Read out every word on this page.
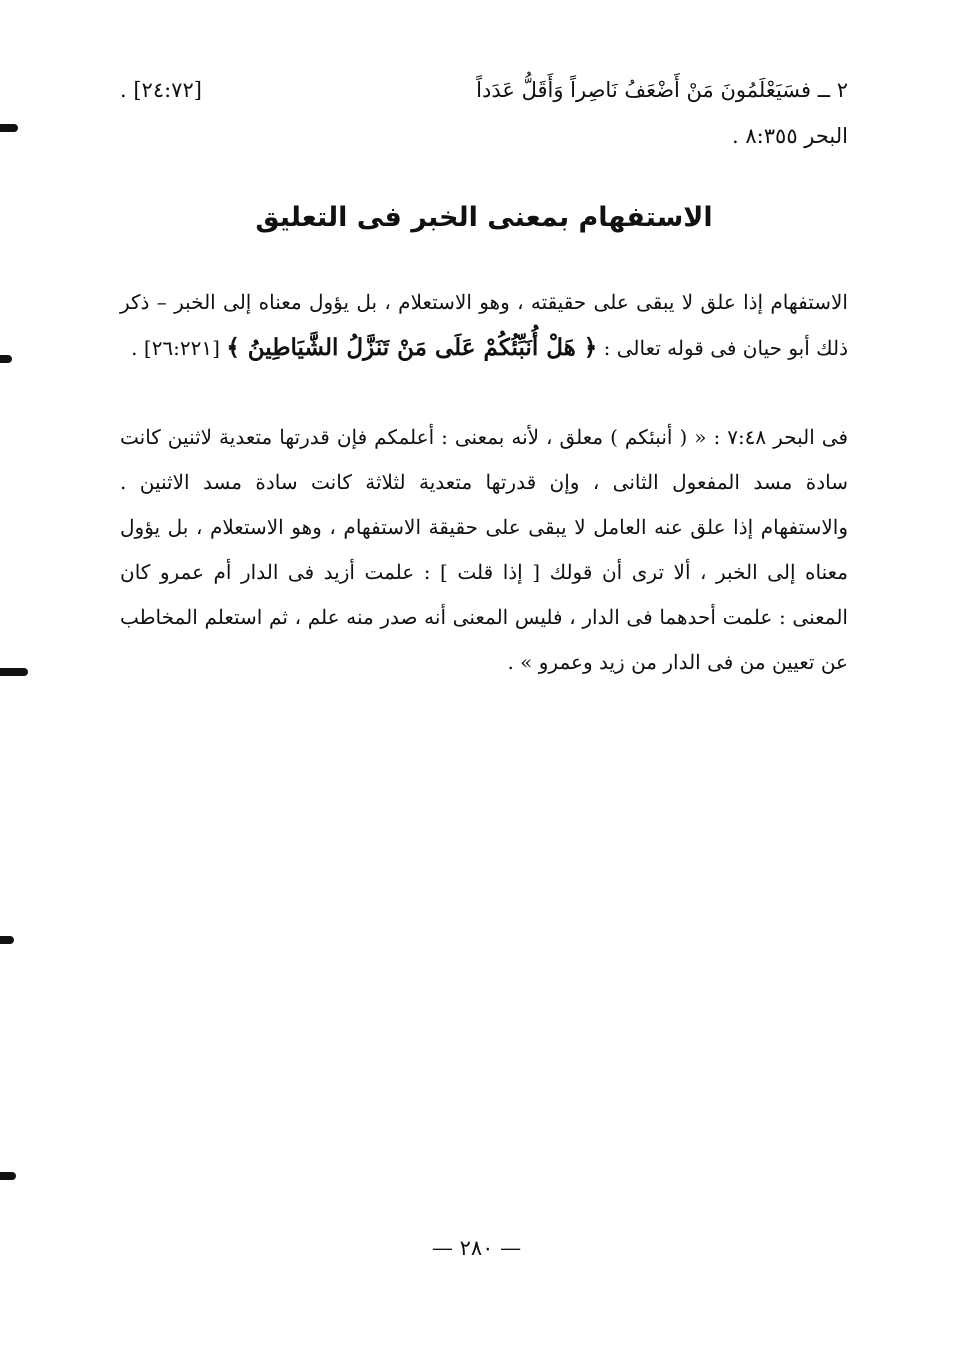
٢ ــ فسَيَعْلَمُونَ مَنْ أَضْعَفُ نَاصِراً وَأَقَلُّ عَدَداً
[٢٤:٧٢] .
البحر ٨:٣٥٥ .
الاستفهام بمعنى الخبر فى التعليق
الاستفهام إذا علق لا يبقى على حقيقته ، وهو الاستعلام ، بل يؤول معناه إلى الخبر – ذكر ذلك أبو حيان فى قوله تعالى : ﴿ هَلْ أُنَبِّئُكُمْ عَلَى مَنْ تَنَزَّلُ الشَّيَاطِينُ ﴾ [٢٦:٢٢١] .
فى البحر ٧:٤٨ : « ( أنبئكم ) معلق ، لأنه بمعنى : أعلمكم فإن قدرتها متعدية لاثنين كانت سادة مسد المفعول الثانى ، وإن قدرتها متعدية لثلاثة كانت سادة مسد الاثنين . والاستفهام إذا علق عنه العامل لا يبقى على حقيقة الاستفهام ، وهو الاستعلام ، بل يؤول معناه إلى الخبر ، ألا ترى أن قولك [ إذا قلت ] : علمت أزيد فى الدار أم عمرو كان المعنى : علمت أحدهما فى الدار ، فليس المعنى أنه صدر منه علم ، ثم استعلم المخاطب عن تعيين من فى الدار من زيد وعمرو » .
— ٢٨٠ —
